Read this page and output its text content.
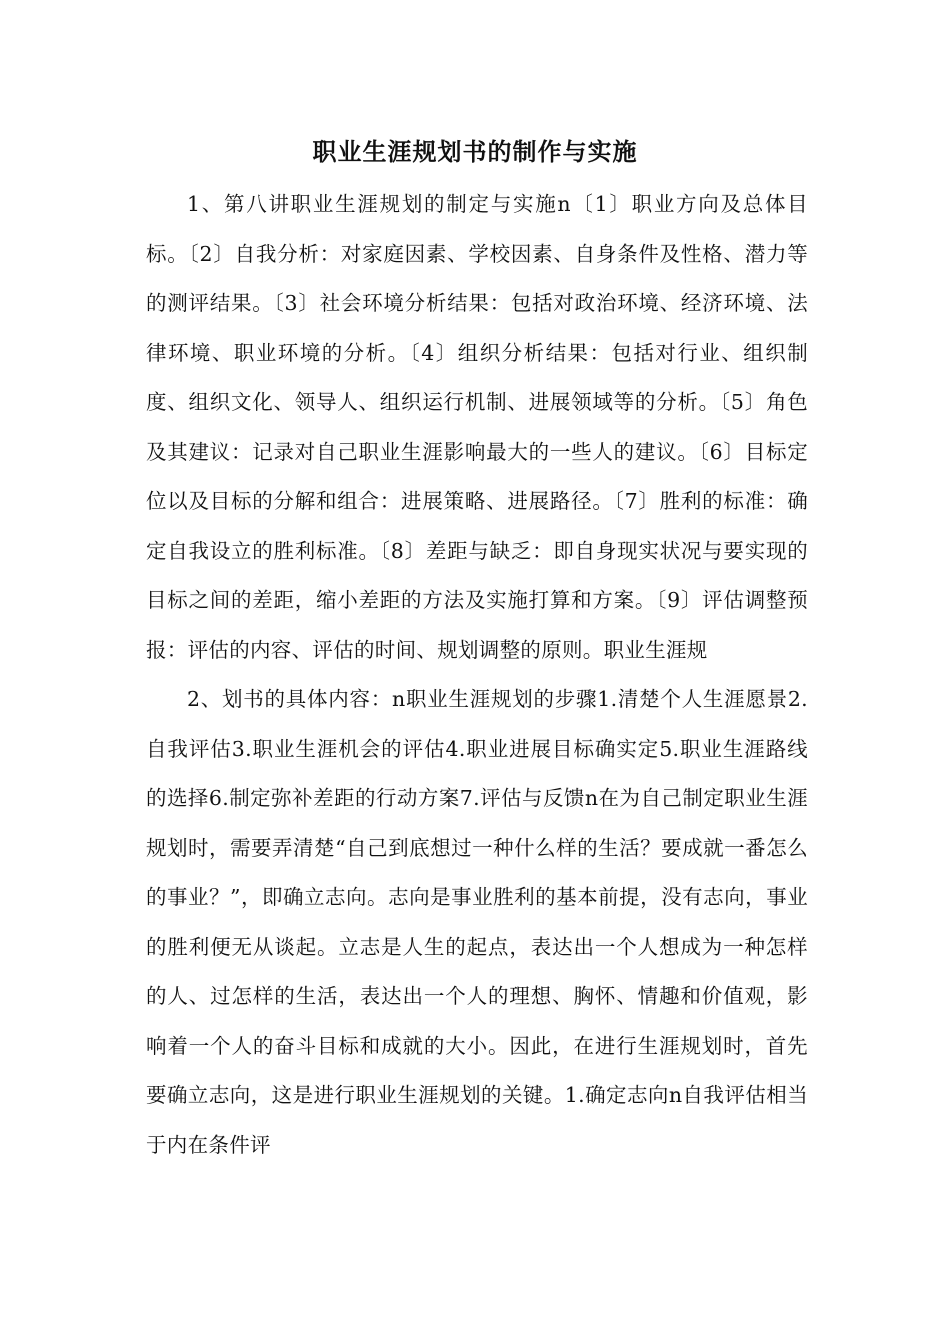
职业生涯规划书的制作与实施

1、第八讲职业生涯规划的制定与实施n〔1〕职业方向及总体目标。〔2〕自我分析：对家庭因素、学校因素、自身条件及性格、潜力等的测评结果。〔3〕社会环境分析结果：包括对政治环境、经济环境、法律环境、职业环境的分析。〔4〕组织分析结果：包括对行业、组织制度、组织文化、领导人、组织运行机制、进展领域等的分析。〔5〕角色及其建议：记录对自己职业生涯影响最大的一些人的建议。〔6〕目标定位以及目标的分解和组合：进展策略、进展路径。〔7〕胜利的标准：确定自我设立的胜利标准。〔8〕差距与缺乏：即自身现实状况与要实现的目标之间的差距，缩小差距的方法及实施打算和方案。〔9〕评估调整预报：评估的内容、评估的时间、规划调整的原则。职业生涯规

2、划书的具体内容：n职业生涯规划的步骤1.清楚个人生涯愿景2.自我评估3.职业生涯机会的评估4.职业进展目标确实定5.职业生涯路线的选择6.制定弥补差距的行动方案7.评估与反馈n在为自己制定职业生涯规划时，需要弄清楚“自己到底想过一种什么样的生活？要成就一番怎么的事业？”，即确立志向。志向是事业胜利的基本前提，没有志向，事业的胜利便无从谈起。立志是人生的起点，表达出一个人想成为一种怎样的人、过怎样的生活，表达出一个人的理想、胸怀、情趣和价值观，影响着一个人的奋斗目标和成就的大小。因此，在进行生涯规划时，首先要确立志向，这是进行职业生涯规划的关键。1.确定志向n自我评估相当于内在条件评
